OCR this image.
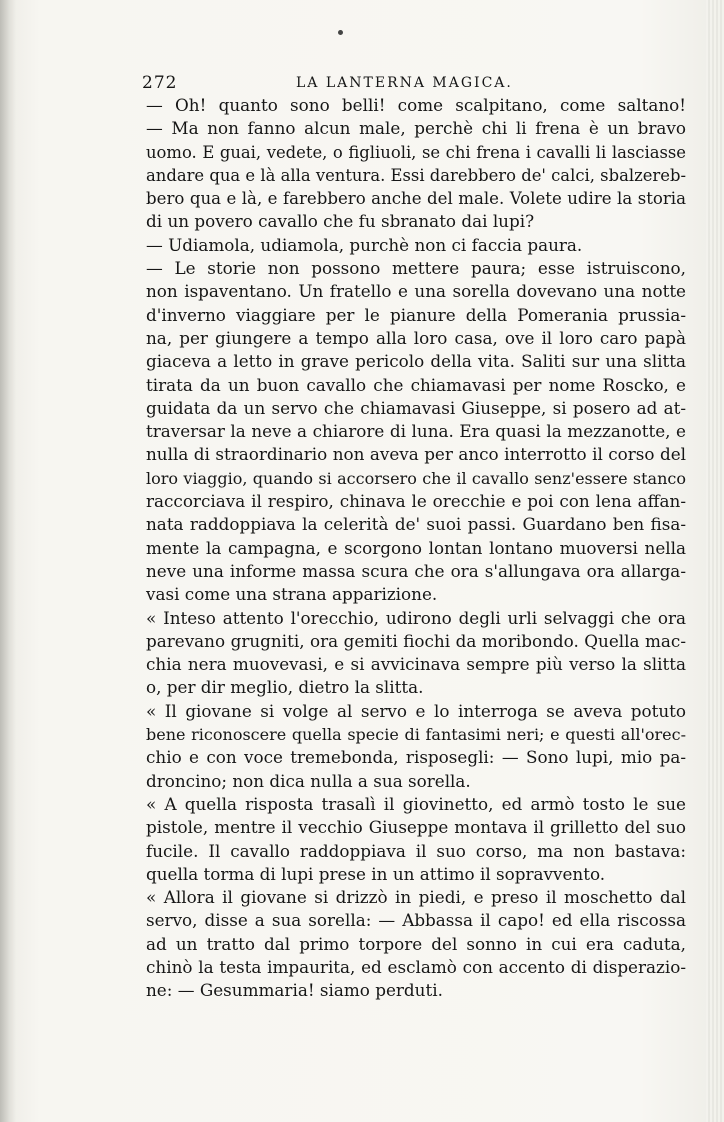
272	LA LANTERNA MAGICA.
— Oh! quanto sono belli! come scalpitano, come saltano!
— Ma non fanno alcun male, perchè chi li frena è un bravo
uomo. E guai, vedete, o figliuoli, se chi frena i cavalli li lasciasse
andare qua e là alla ventura. Essi darebbero de' calci, sbalzereb-
bero qua e là, e farebbero anche del male. Volete udire la storia
di un povero cavallo che fu sbranato dai lupi?
— Udiamola, udiamola, purchè non ci faccia paura.
— Le storie non possono mettere paura; esse istruiscono,
non ispaventano. Un fratello e una sorella dovevano una notte
d'inverno viaggiare per le pianure della Pomerania prussia-
na, per giungere a tempo alla loro casa, ove il loro caro papà
giaceva a letto in grave pericolo della vita. Saliti sur una slitta
tirata da un buon cavallo che chiamavasi per nome Roscko, e
guidata da un servo che chiamavasi Giuseppe, si posero ad at-
traversar la neve a chiarore di luna. Era quasi la mezzanotte, e
nulla di straordinario non aveva per anco interrotto il corso del
loro viaggio, quando si accorsero che il cavallo senz'essere stanco
raccorciava il respiro, chinava le orecchie e poi con lena affan-
nata raddoppiava la celerità de' suoi passi. Guardano ben fisa-
mente la campagna, e scorgono lontan lontano muoversi nella
neve una informe massa scura che ora s'allungava ora allarga-
vasi come una strana apparizione.
« Inteso attento l'orecchio, udirono degli urli selvaggi che ora
parevano grugniti, ora gemiti fiochi da moribondo. Quella mac-
chia nera muovevasi, e si avvicinava sempre più verso la slitta
o, per dir meglio, dietro la slitta.
« Il giovane si volge al servo e lo interroga se aveva potuto
bene riconoscere quella specie di fantasimi neri; e questi all'orec-
chio e con voce tremebonda, risposegli: — Sono lupi, mio pa-
droncino; non dica nulla a sua sorella.
« A quella risposta trasalì il giovinetto, ed armò tosto le sue
pistole, mentre il vecchio Giuseppe montava il grilletto del suo
fucile. Il cavallo raddoppiava il suo corso, ma non bastava:
quella torma di lupi prese in un attimo il sopravvento.
« Allora il giovane si drizzò in piedi, e preso il moschetto dal
servo, disse a sua sorella: — Abbassa il capo! ed ella riscossa
ad un tratto dal primo torpore del sonno in cui era caduta,
chinò la testa impaurita, ed esclamò con accento di disperazio-
ne: — Gesummaria! siamo perduti.
